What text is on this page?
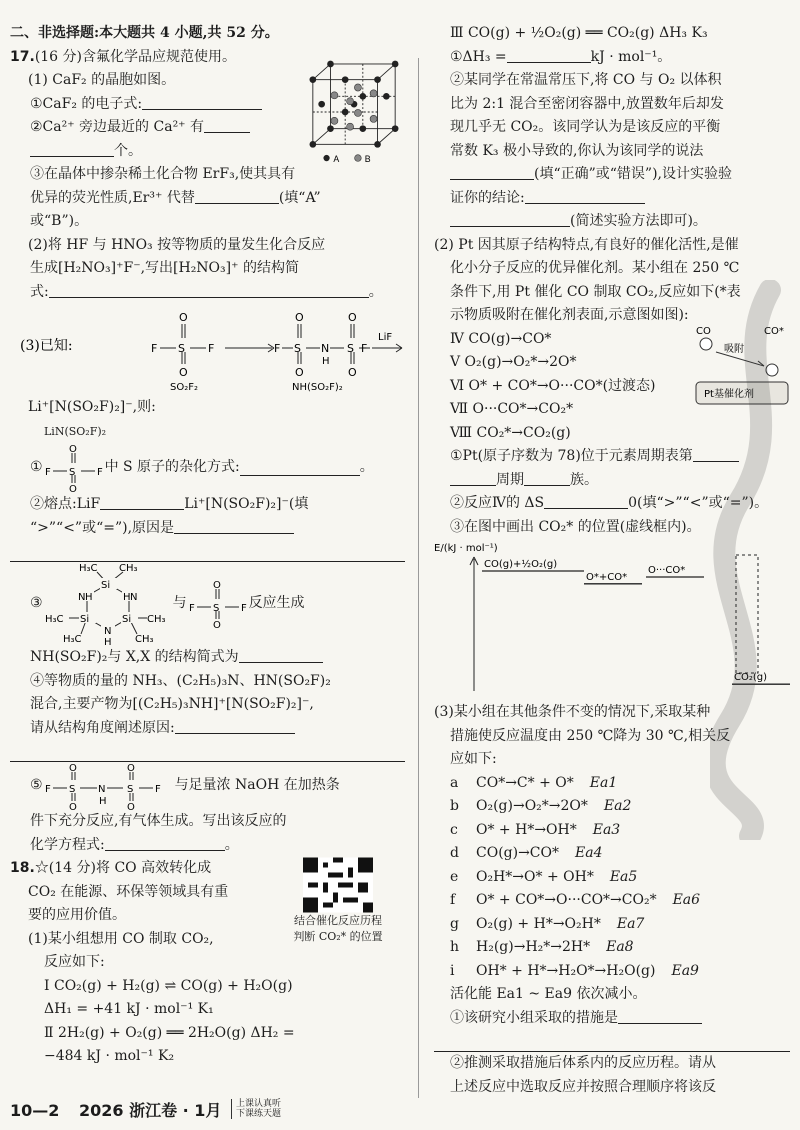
二、非选择题:本大题共 4 小题,共 52 分。

A	B

17.(16 分)含氟化学品应规范使用。

(1) CaF₂ 的晶胞如图。

①CaF₂ 的电子式:

②Ca²⁺ 旁边最近的 Ca²⁺ 有

个。

③在晶体中掺杂稀土化合物 ErF₃,使其具有

优异的荧光性质,Er³⁺ 代替	(填“A”

或“B”)。

(2)将 HF 与 HNO₃ 按等物质的量发生化合反应

生成[H₂NO₃]⁺F⁻,写出[H₂NO₃]⁺ 的结构简

式:	。

(3)已知:
O
O
F S F
SO₂F₂
F
O
O
S N
H
O
O
S F
NH(SO₂F)₂
LiF

Li⁺[N(SO₂F)₂]⁻,则:

LiN(SO₂F)₂

①
O
O
F S F 中 S 原子的杂化方式:	。

②熔点:LiF	Li⁺[N(SO₂F)₂]⁻(填

“>”“<”或“=”),原因是

③
Si
Si	Si
N H	H N
N
H
H₃C CH₃
H₃C	CH₃
H₃C	CH₃
与
O
O
F S F 反应生成

NH(SO₂F)₂与 X,X 的结构简式为

④等物质的量的 NH₃、(C₂H₅)₃N、HN(SO₂F)₂

混合,主要产物为[(C₂H₅)₃NH]⁺[N(SO₂F)₂]⁻,

请从结构角度阐述原因:

⑤
O
O
F S N
H
O
O
S F 与足量浓 NaOH 在加热条

件下充分反应,有气体生成。写出该反应的

化学方程式:	。

18.☆(14 分)将 CO 高效转化成

CO₂ 在能源、环保等领域具有重

要的应用价值。	结合催化反应历程

判断 CO₂* 的位置

(1)某小组想用 CO 制取 CO₂,

反应如下:

Ⅰ CO₂(g) + H₂(g) ⇌ CO(g) + H₂O(g)

ΔH₁ = +41 kJ · mol⁻¹ K₁

Ⅱ 2H₂(g) + O₂(g) ══ 2H₂O(g) ΔH₂ =

−484 kJ · mol⁻¹ K₂

Ⅲ CO(g) + ½O₂(g) ══ CO₂(g) ΔH₃ K₃

①ΔH₃ =	kJ · mol⁻¹。

②某同学在常温常压下,将 CO 与 O₂ 以体积

比为 2:1 混合至密闭容器中,放置数年后却发

现几乎无 CO₂。该同学认为是该反应的平衡

常数 K₃ 极小导致的,你认为该同学的说法

(填“正确”或“错误”),设计实验验

证你的结论:

(简述实验方法即可)。

(2) Pt 因其原子结构特点,有良好的催化活性,是催

化小分子反应的优异催化剂。某小组在 250 ℃

条件下,用 Pt 催化 CO 制取 CO₂,反应如下(*表

示物质吸附在催化剂表面,示意图如图):

Ⅳ CO(g)→CO*

Ⅴ O₂(g)→O₂*→2O*

Ⅵ O* + CO*→O···CO*(过渡态)

Ⅶ O···CO*→CO₂*

Ⅷ CO₂*→CO₂(g)

CO
吸附
CO*
Pt基催化剂

①Pt(原子序数为 78)位于元素周期表第

周期	族。

②反应Ⅳ的 ΔS	0(填“>”“<”或“=”)。

③在图中画出 CO₂* 的位置(虚线框内)。

E/(kJ · mol⁻¹)
CO(g)+½O₂(g)
O*+CO*
O···CO*
CO₂(g)

(3)某小组在其他条件不变的情况下,采取某种

措施使反应温度由 250 ℃降为 30 ℃,相关反

应如下:

a CO*→C* + O* Ea1

b O₂(g)→O₂*→2O* Ea2

c O* + H*→OH* Ea3

d CO(g)→CO* Ea4

e O₂H*→O* + OH* Ea5

f O* + CO*→O···CO*→CO₂* Ea6

g O₂(g) + H*→O₂H* Ea7

h H₂(g)→H₂*→2H* Ea8

i OH* + H*→H₂O*→H₂O(g) Ea9

活化能 Ea1 ~ Ea9 依次减小。

①该研究小组采取的措施是

②推测采取措施后体系内的反应历程。请从

上述反应中选取反应并按照合理顺序将该反

10—2 2026 浙江卷 · 1月 上课认真听
下课练天题
